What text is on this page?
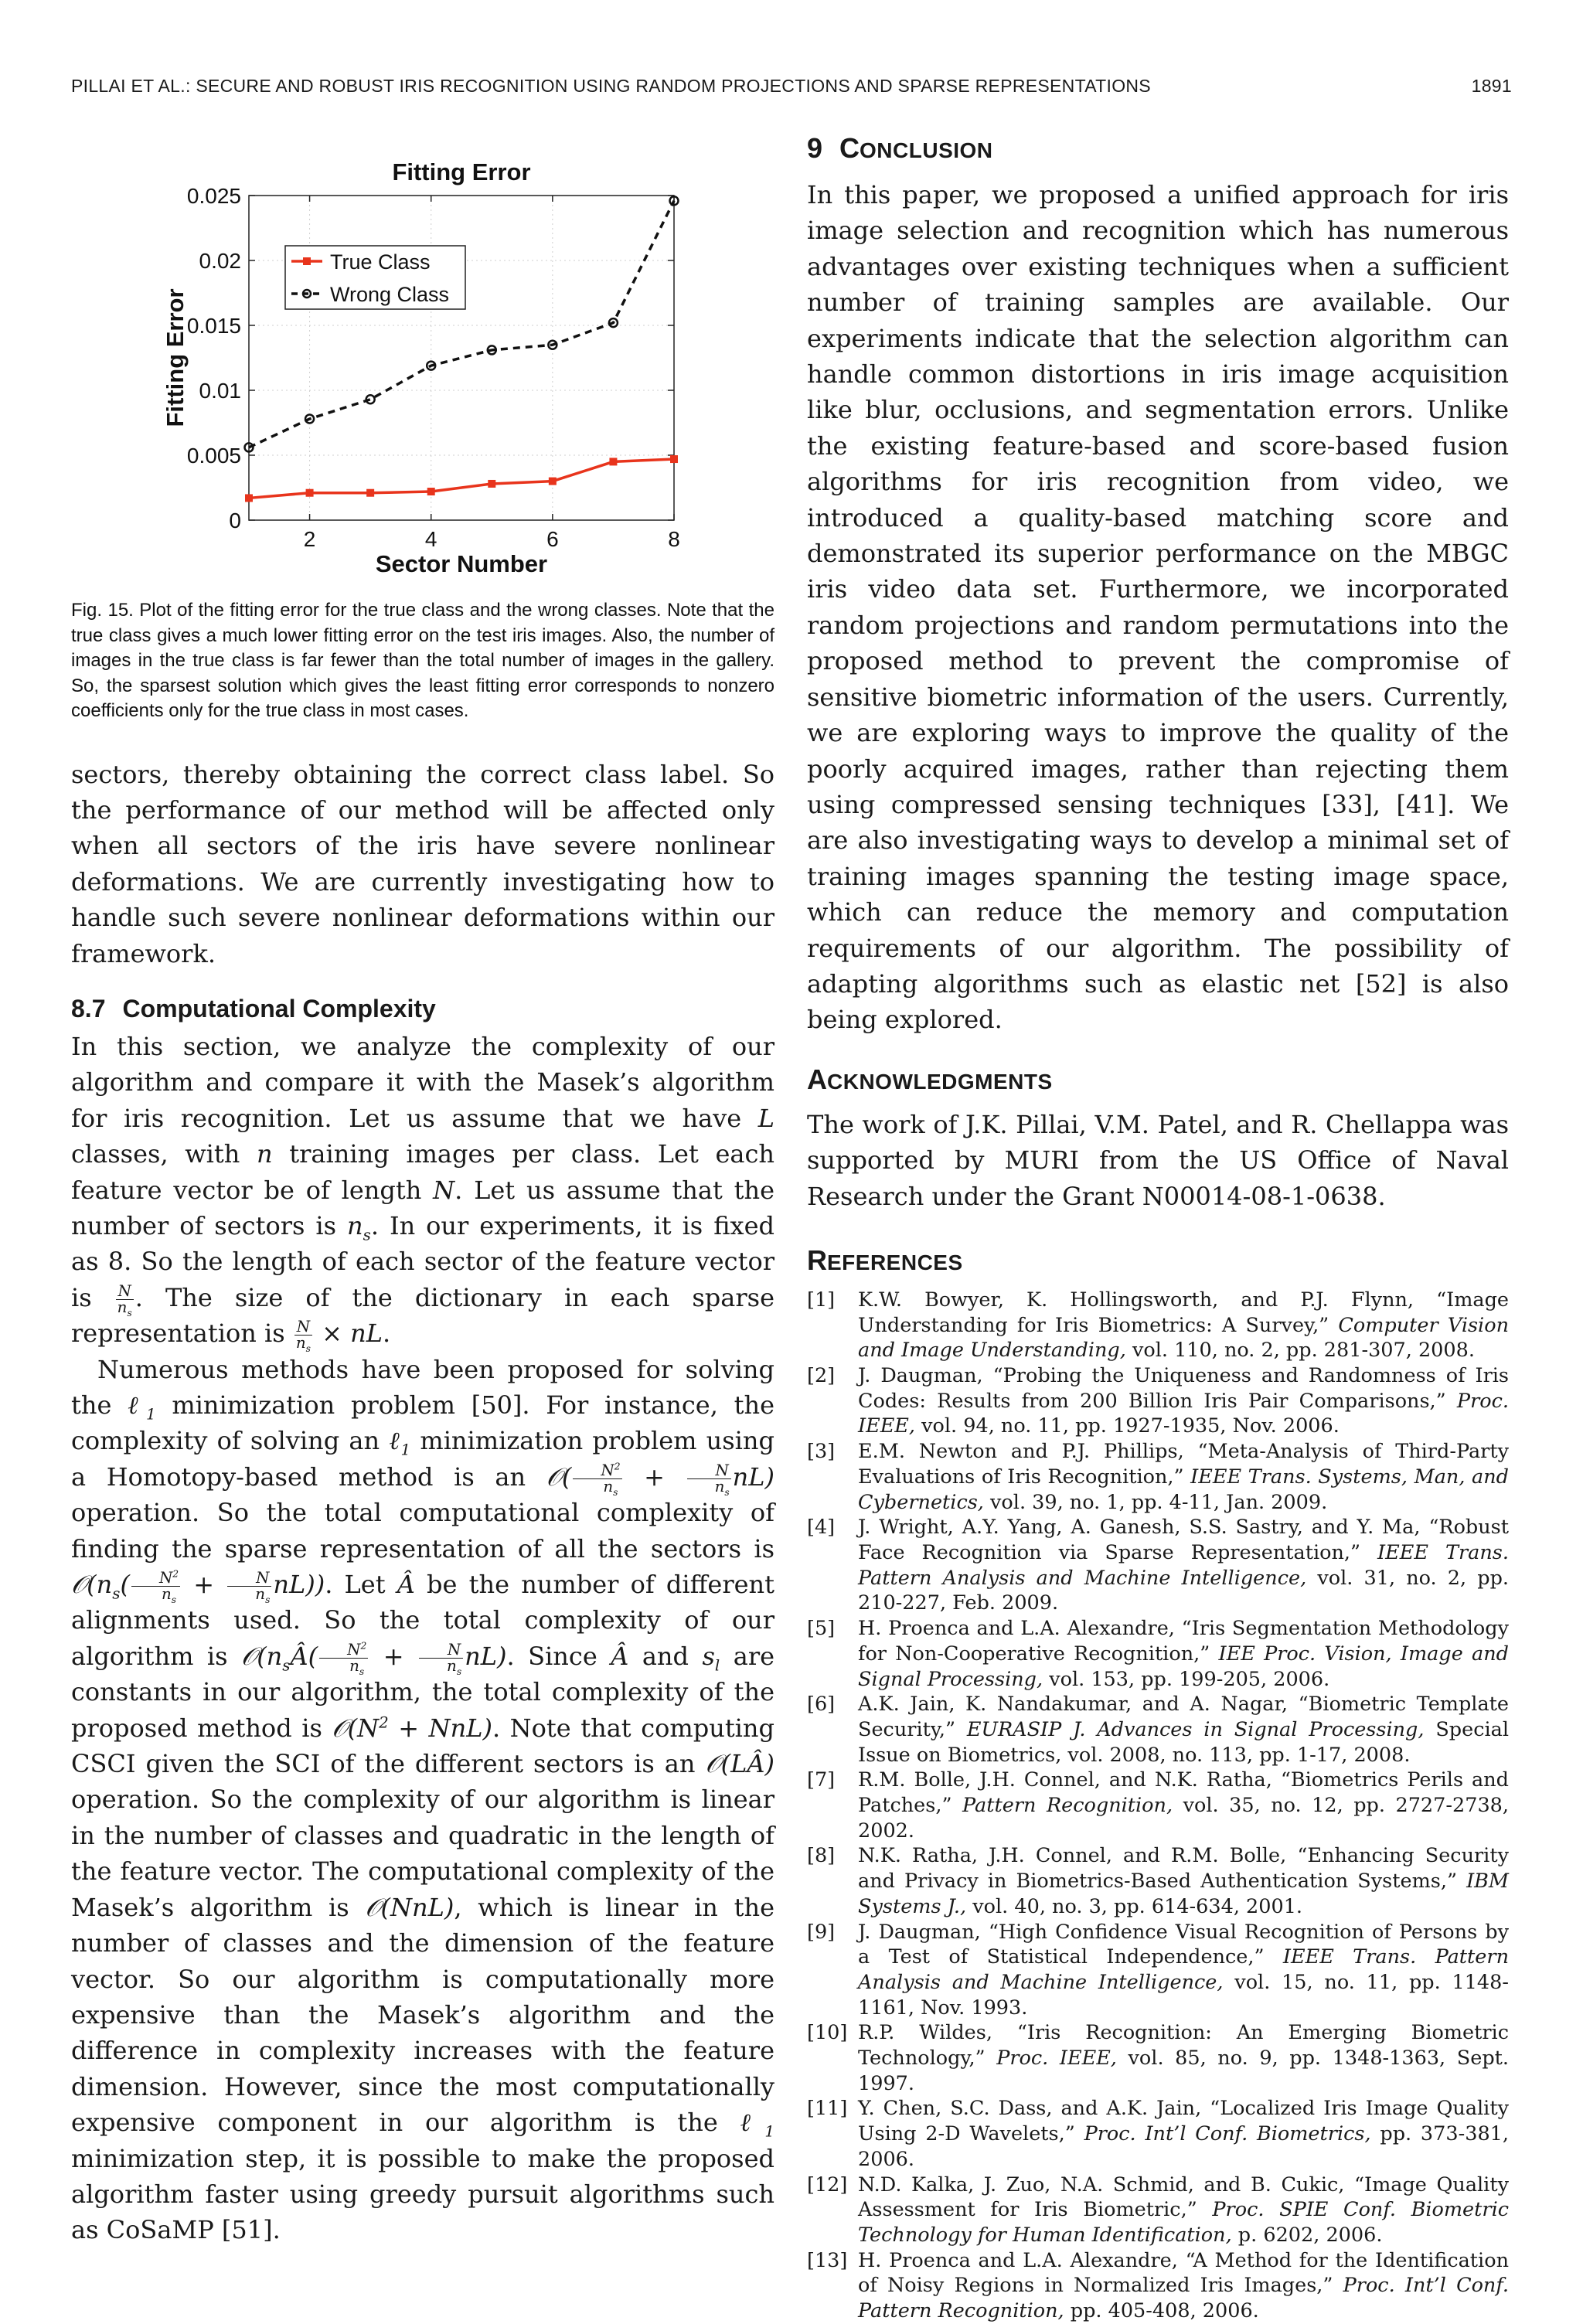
PILLAI ET AL.: SECURE AND ROBUST IRIS RECOGNITION USING RANDOM PROJECTIONS AND SPARSE REPRESENTATIONS	1891
0
0.005
0.01
0.015
0.02
0.025
2	4	6	8
Fitting Error
Sector Number
Fitting Error
True Class
Wrong Class
Fig. 15. Plot of the fitting error for the true class and the wrong classes. Note that the true class gives a much lower fitting error on the test iris images. Also, the number of images in the true class is far fewer than the total number of images in the gallery. So, the sparsest solution which gives the least fitting error corresponds to nonzero coefficients only for the true class in most cases.

sectors, thereby obtaining the correct class label. So the performance of our method will be affected only when all sectors of the iris have severe nonlinear deformations. We are currently investigating how to handle such severe nonlinear deformations within our framework.

8.7 Computational Complexity

In this section, we analyze the complexity of our algorithm and compare it with the Masek’s algorithm for iris recognition. Let us assume that we have L classes, with n training images per class. Let each feature vector be of length N. Let us assume that the number of sectors is $n_s$. In our experiments, it is fixed as 8. So the length of each sector of the feature vector is $\frac{N}{n_s}$ . The size of the dictionary in each sparse representation is $\frac{N}{n_s}$ × nL.

Numerous methods have been proposed for solving the ℓ$_1$ minimization problem [50]. For instance, the complexity of solving an ℓ$_1$ minimization problem using a Homotopy-based method is an 𝒪( $\frac{N^2}{n_s} + \frac{N}{n_s} nL$) operation. So the total computational complexity of finding the sparse representation of all the sectors is $𝒪(n_s( \frac{N^2}{n_s} + \frac{N}{n_s} nL))$. Let Â be the number of different alignments used. So the total complexity of our algorithm is $𝒪(n_sÂ( \frac{N^2}{n_s} + \frac{N}{n_s} nL)$. Since Â and $s_l$ are constants in our algorithm, the total complexity of the proposed method is $𝒪(N^2 + NnL)$. Note that computing CSCI given the SCI of the different sectors is an 𝒪(LÂ) operation. So the complexity of our algorithm is linear in the number of classes and quadratic in the length of the feature vector. The computational complexity of the Masek’s algorithm is 𝒪(NnL), which is linear in the number of classes and the dimension of the feature vector. So our algorithm is computationally more expensive than the Masek’s algorithm and the difference in complexity increases with the feature dimension. However, since the most computationally expensive component in our algorithm is the ℓ$_1$ minimization step, it is possible to make the proposed algorithm faster using greedy pursuit algorithms such as CoSaMP [51].

9 CONCLUSION

In this paper, we proposed a unified approach for iris image selection and recognition which has numerous advantages over existing techniques when a sufficient number of training samples are available. Our experiments indicate that the selection algorithm can handle common distortions in iris image acquisition like blur, occlusions, and segmentation errors. Unlike the existing feature-based and score-based fusion algorithms for iris recognition from video, we introduced a quality-based matching score and demonstrated its superior performance on the MBGC iris video data set. Furthermore, we incorporated random projections and random permutations into the proposed method to prevent the compromise of sensitive biometric information of the users. Currently, we are exploring ways to improve the quality of the poorly acquired images, rather than rejecting them using compressed sensing techniques [33], [41]. We are also investigating ways to develop a minimal set of training images spanning the testing image space, which can reduce the memory and computation requirements of our algorithm. The possibility of adapting algorithms such as elastic net [52] is also being explored.

ACKNOWLEDGMENTS

The work of J.K. Pillai, V.M. Patel, and R. Chellappa was supported by MURI from the US Office of Naval Research under the Grant N00014-08-1-0638.

REFERENCES
[1] K.W. Bowyer, K. Hollingsworth, and P.J. Flynn, “Image Understanding for Iris Biometrics: A Survey,” Computer Vision and Image Understanding, vol. 110, no. 2, pp. 281-307, 2008.
[2] J. Daugman, “Probing the Uniqueness and Randomness of Iris Codes: Results from 200 Billion Iris Pair Comparisons,” Proc. IEEE, vol. 94, no. 11, pp. 1927-1935, Nov. 2006.
[3] E.M. Newton and P.J. Phillips, “Meta-Analysis of Third-Party Evaluations of Iris Recognition,” IEEE Trans. Systems, Man, and Cybernetics, vol. 39, no. 1, pp. 4-11, Jan. 2009.
[4] J. Wright, A.Y. Yang, A. Ganesh, S.S. Sastry, and Y. Ma, “Robust Face Recognition via Sparse Representation,” IEEE Trans. Pattern Analysis and Machine Intelligence, vol. 31, no. 2, pp. 210-227, Feb. 2009.
[5] H. Proenca and L.A. Alexandre, “Iris Segmentation Methodology for Non-Cooperative Recognition,” IEE Proc. Vision, Image and Signal Processing, vol. 153, pp. 199-205, 2006.
[6] A.K. Jain, K. Nandakumar, and A. Nagar, “Biometric Template Security,” EURASIP J. Advances in Signal Processing, Special Issue on Biometrics, vol. 2008, no. 113, pp. 1-17, 2008.
[7] R.M. Bolle, J.H. Connel, and N.K. Ratha, “Biometrics Perils and Patches,” Pattern Recognition, vol. 35, no. 12, pp. 2727-2738, 2002.
[8] N.K. Ratha, J.H. Connel, and R.M. Bolle, “Enhancing Security and Privacy in Biometrics-Based Authentication Systems,” IBM Systems J., vol. 40, no. 3, pp. 614-634, 2001.
[9] J. Daugman, “High Confidence Visual Recognition of Persons by a Test of Statistical Independence,” IEEE Trans. Pattern Analysis and Machine Intelligence, vol. 15, no. 11, pp. 1148-1161, Nov. 1993.
[10] R.P. Wildes, “Iris Recognition: An Emerging Biometric Technology,” Proc. IEEE, vol. 85, no. 9, pp. 1348-1363, Sept. 1997.
[11] Y. Chen, S.C. Dass, and A.K. Jain, “Localized Iris Image Quality Using 2-D Wavelets,” Proc. Int’l Conf. Biometrics, pp. 373-381, 2006.
[12] N.D. Kalka, J. Zuo, N.A. Schmid, and B. Cukic, “Image Quality Assessment for Iris Biometric,” Proc. SPIE Conf. Biometric Technology for Human Identification, p. 6202, 2006.
[13] H. Proenca and L.A. Alexandre, “A Method for the Identification of Noisy Regions in Normalized Iris Images,” Proc. Int’l Conf. Pattern Recognition, pp. 405-408, 2006.
